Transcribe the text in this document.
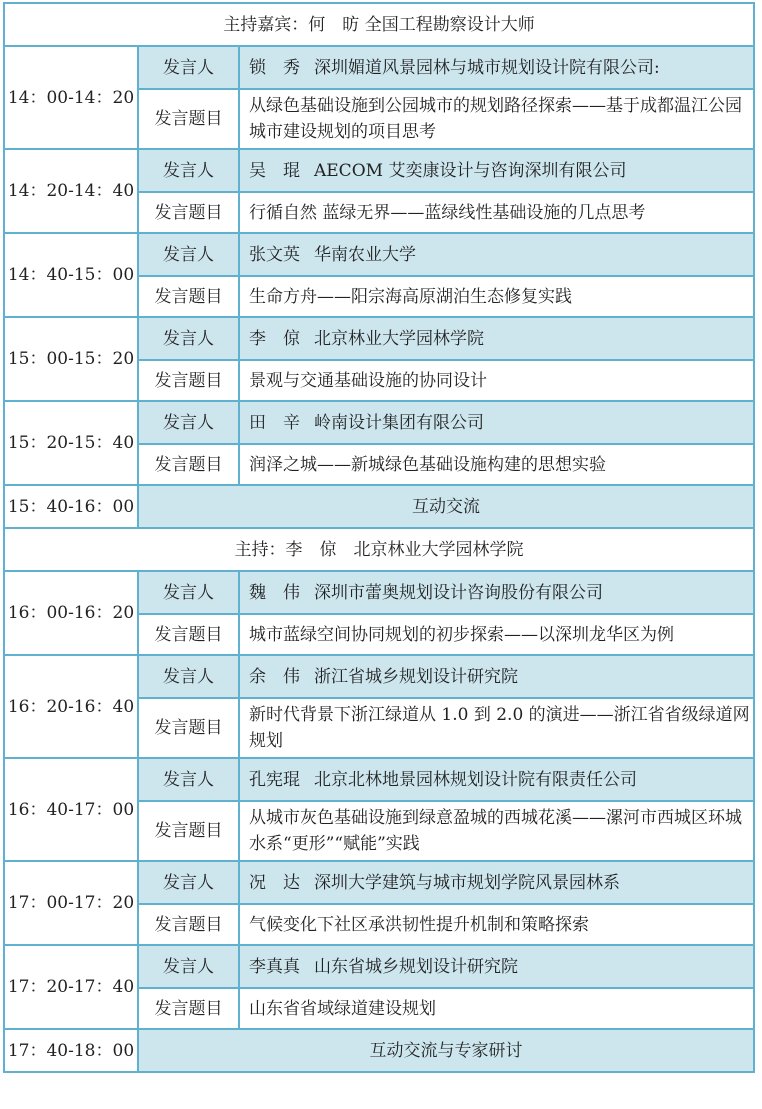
主持嘉宾：何　昉 全国工程勘察设计大师		
14：00-14：20	发言人	锁　秀 深圳媚道风景园林与城市规划设计院有限公司:
	发言题目	从绿色基础设施到公园城市的规划路径探索——基于成都温江公园城市建设规划的项目思考
14：20-14：40	发言人	吴　琨 AECOM 艾奕康设计与咨询深圳有限公司
	发言题目	行循自然 蓝绿无界——蓝绿线性基础设施的几点思考
14：40-15：00	发言人	张文英 华南农业大学
	发言题目	生命方舟——阳宗海高原湖泊生态修复实践
15：00-15：20	发言人	李　倞 北京林业大学园林学院
	发言题目	景观与交通基础设施的协同设计
15：20-15：40	发言人	田　辛 岭南设计集团有限公司
	发言题目	润泽之城——新城绿色基础设施构建的思想实验
15：40-16：00	互动交流	
主持：李　倞　北京林业大学园林学院		
16：00-16：20	发言人	魏　伟 深圳市蕾奥规划设计咨询股份有限公司
	发言题目	城市蓝绿空间协同规划的初步探索——以深圳龙华区为例
16：20-16：40	发言人	余　伟 浙江省城乡规划设计研究院
	发言题目	新时代背景下浙江绿道从 1.0 到 2.0 的演进——浙江省省级绿道网规划
16：40-17：00	发言人	孔宪琨 北京北林地景园林规划设计院有限责任公司
	发言题目	从城市灰色基础设施到绿意盈城的西城花溪——漯河市西城区环城水系“更形”“赋能”实践
17：00-17：20	发言人	况　达 深圳大学建筑与城市规划学院风景园林系
	发言题目	气候变化下社区承洪韧性提升机制和策略探索
17：20-17：40	发言人	李真真 山东省城乡规划设计研究院
	发言题目	山东省省域绿道建设规划
17：40-18：00	互动交流与专家研讨	
